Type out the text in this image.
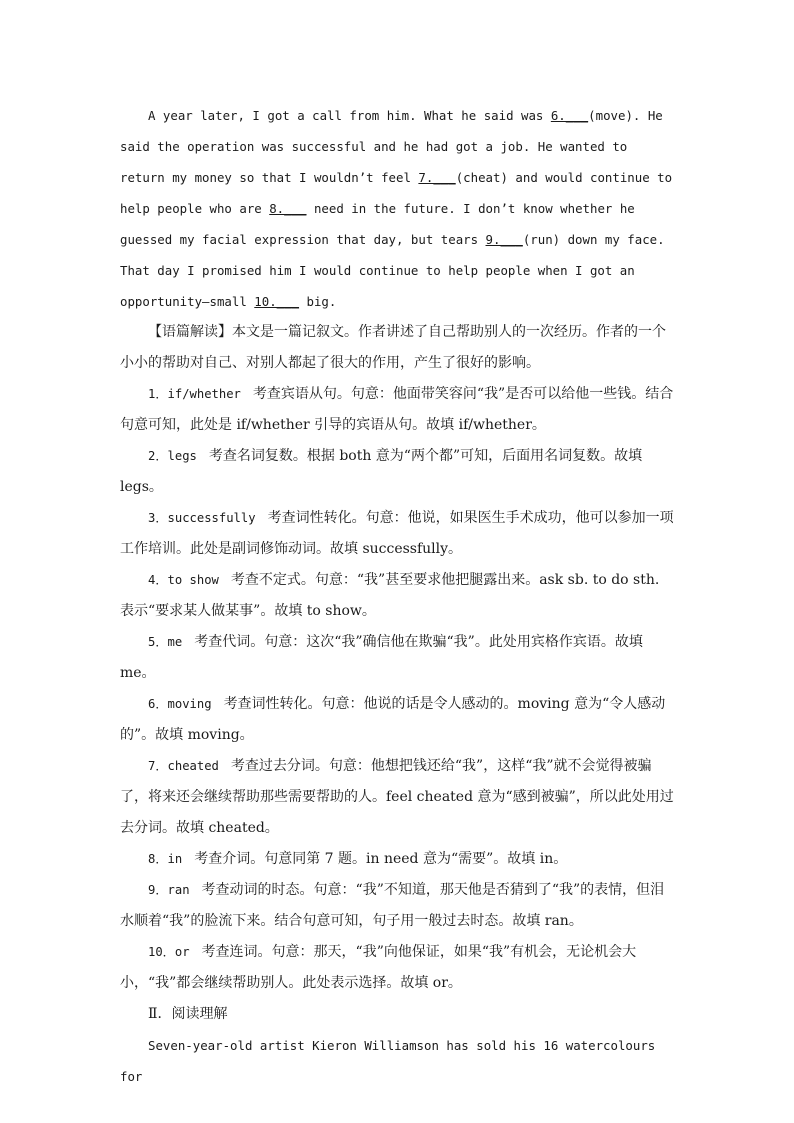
A year later, I got a call from him. What he said was 6.___(move). He said the operation was successful and he had got a job. He wanted to return my money so that I wouldn’t feel 7.___(cheat) and would continue to help people who are 8.___ need in the future. I don’t know whether he guessed my facial expression that day, but tears 9.___(run) down my face. That day I promised him I would continue to help people when I got an opportunity—small 10.___ big.

【语篇解读】本文是一篇记叙文。作者讲述了自己帮助别人的一次经历。作者的一个小小的帮助对自己、对别人都起了很大的作用，产生了很好的影响。

1．if/whether 考查宾语从句。句意：他面带笑容问“我”是否可以给他一些钱。结合句意可知，此处是 if/whether 引导的宾语从句。故填 if/whether。

2．legs 考查名词复数。根据 both 意为“两个都”可知，后面用名词复数。故填 legs。

3．successfully 考查词性转化。句意：他说，如果医生手术成功，他可以参加一项工作培训。此处是副词修饰动词。故填 successfully。

4．to show 考查不定式。句意：“我”甚至要求他把腿露出来。ask sb. to do sth. 表示“要求某人做某事”。故填 to show。

5．me 考查代词。句意：这次“我”确信他在欺骗“我”。此处用宾格作宾语。故填 me。

6．moving 考查词性转化。句意：他说的话是令人感动的。moving 意为“令人感动的”。故填 moving。

7．cheated 考查过去分词。句意：他想把钱还给“我”，这样“我”就不会觉得被骗了，将来还会继续帮助那些需要帮助的人。feel cheated 意为“感到被骗”，所以此处用过去分词。故填 cheated。

8．in 考查介词。句意同第 7 题。in need 意为“需要”。故填 in。

9．ran 考查动词的时态。句意：“我”不知道，那天他是否猜到了“我”的表情，但泪水顺着“我”的脸流下来。结合句意可知，句子用一般过去时态。故填 ran。

10．or 考查连词。句意：那天，“我”向他保证，如果“我”有机会，无论机会大小，“我”都会继续帮助别人。此处表示选择。故填 or。

Ⅱ．阅读理解

Seven-year-old artist Kieron Williamson has sold his 16 watercolours for
